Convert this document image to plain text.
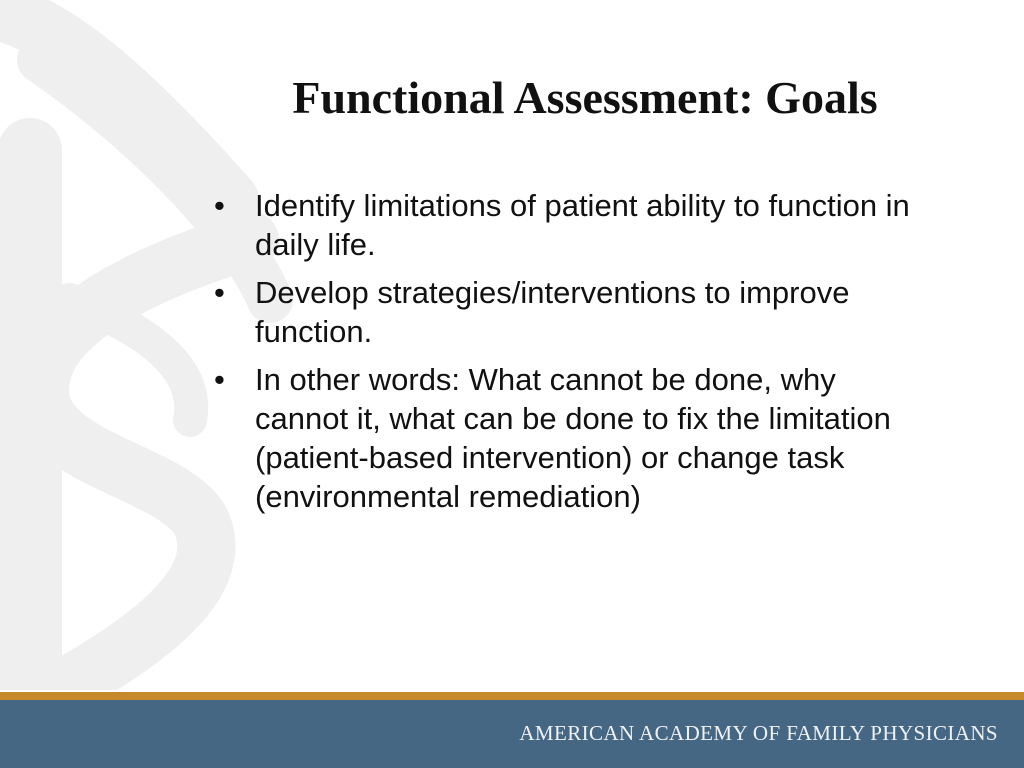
Functional Assessment: Goals
• Identify limitations of patient ability to function in daily life.
• Develop strategies/interventions to improve function.
• In other words: What cannot be done, why cannot it, what can be done to fix the limitation (patient-based intervention) or change task (environmental remediation)
AMERICAN ACADEMY OF FAMILY PHYSICIANS
